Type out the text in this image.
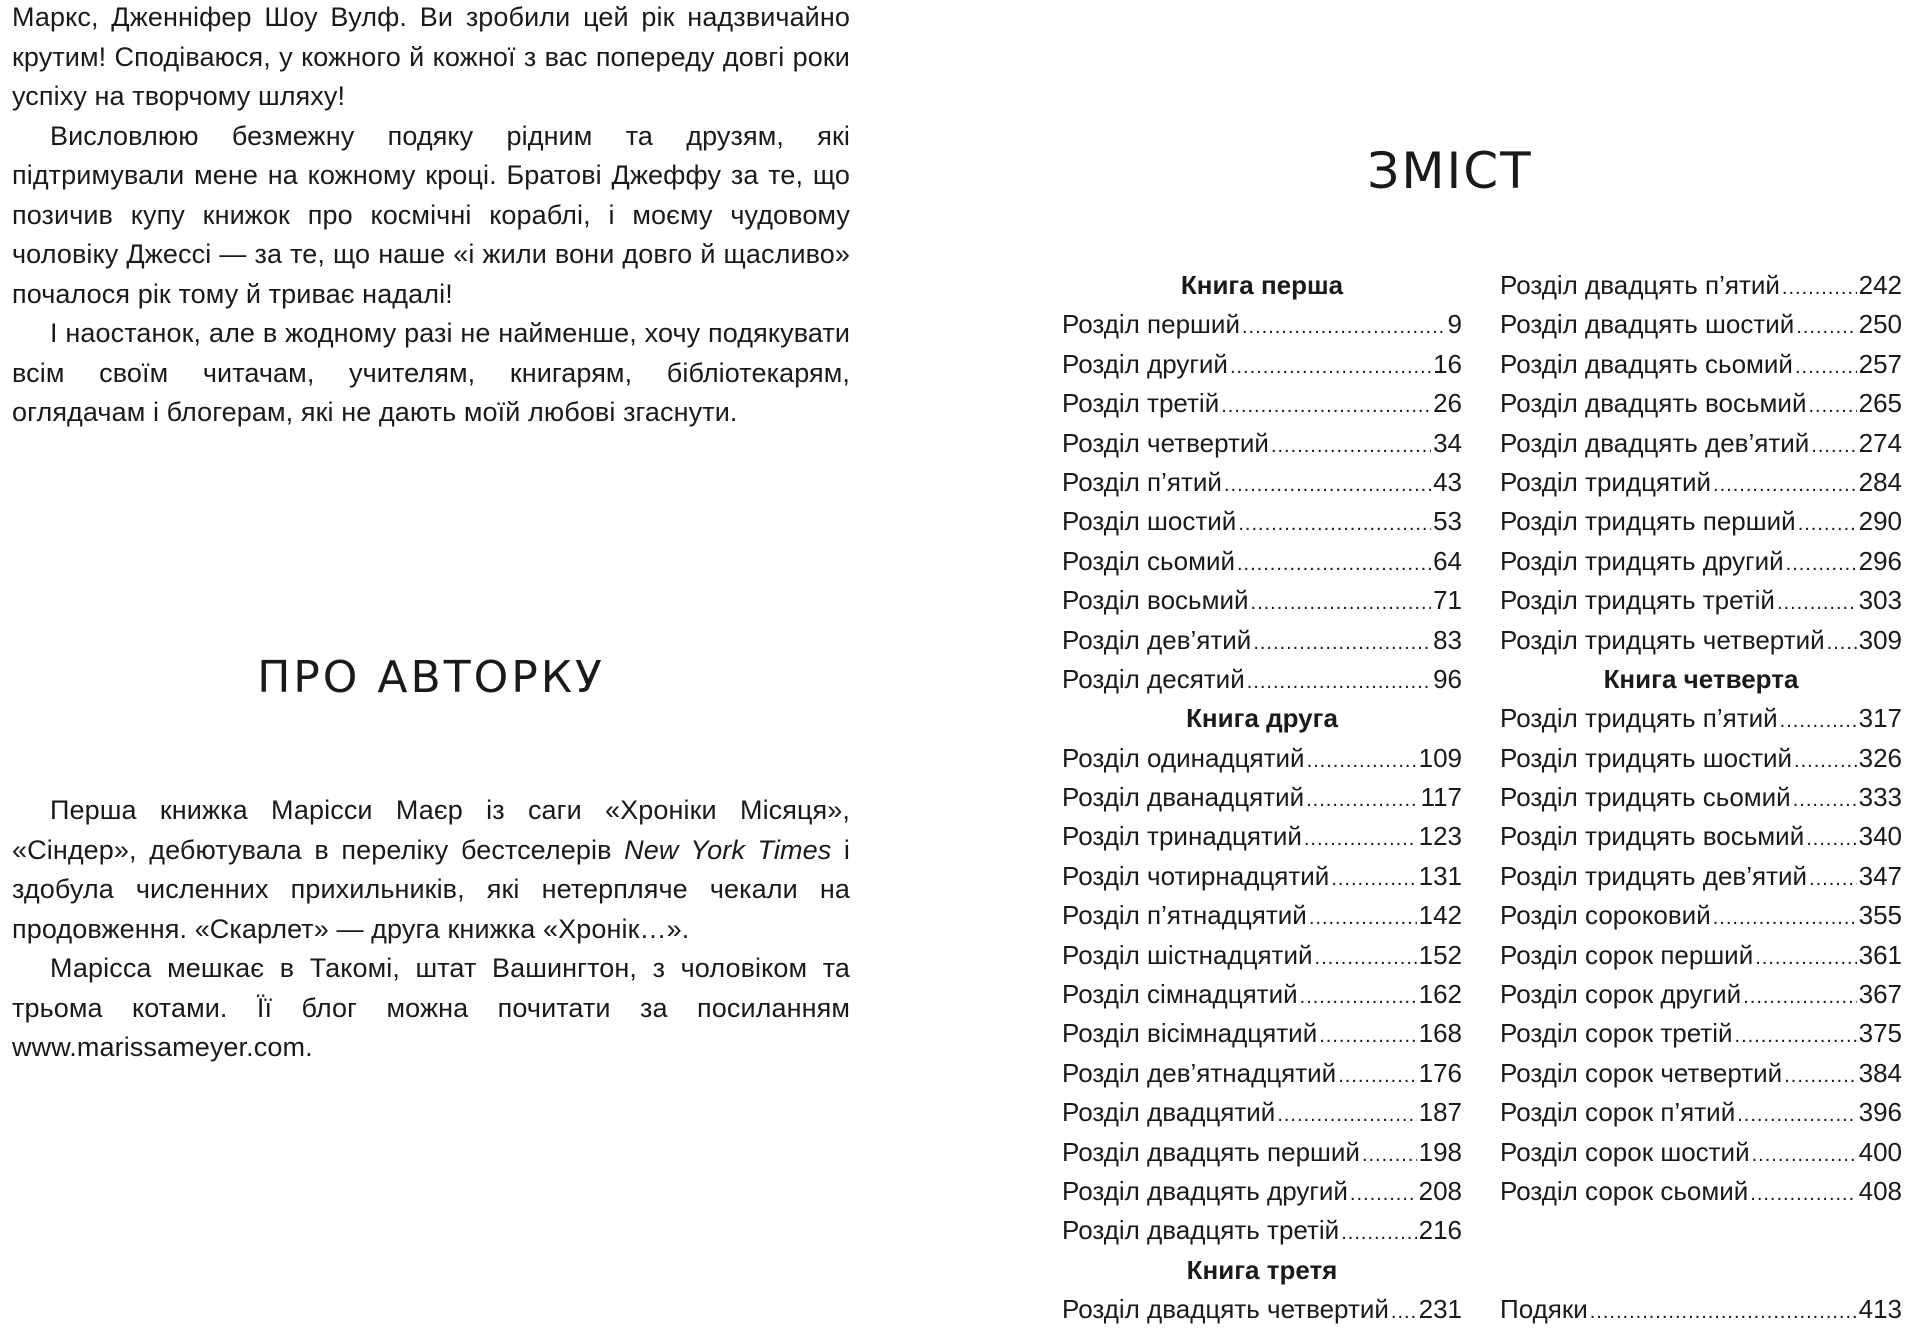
Маркс, Дженніфер Шоу Вулф. Ви зробили цей рік надзвичайно крутим! Сподіваюся, у кожного й кожної з вас попереду довгі роки успіху на творчому шляху!

Висловлюю безмежну подяку рідним та друзям, які підтримували мене на кожному кроці. Братові Джеффу за те, що позичив купу книжок про космічні кораблі, і моєму чудовому чоловіку Джессі — за те, що наше «і жили вони довго й щасливо» почалося рік тому й триває надалі!

І наостанок, але в жодному разі не найменше, хочу подякувати всім своїм читачам, учителям, книгарям, бібліотекарям, оглядачам і блогерам, які не дають моїй любові згаснути.

ПРО АВТОРКУ

Перша книжка Марісси Маєр із саги «Хроніки Місяця», «Сіндер», дебютувала в переліку бестселерів New York Times і здобула численних прихильників, які нетерпляче чекали на продовження. «Скарлет» — друга книжка «Хронік…».

Марісса мешкає в Такомі, штат Вашингтон, з чоловіком та трьома котами. Її блог можна почитати за посиланням www.marissameyer.com.

ЗМІСТ
Книга перша
Розділ перший .....	9
Розділ другий .....	16
Розділ третій .....	26
Розділ четвертий .....	34
Розділ п’ятий .....	43
Розділ шостий .....	53
Розділ сьомий .....	64
Розділ восьмий .....	71
Розділ дев’ятий .....	83
Розділ десятий .....	96
Книга друга
Розділ одинадцятий .....	109
Розділ дванадцятий .....	117
Розділ тринадцятий .....	123
Розділ чотирнадцятий .....	131
Розділ п’ятнадцятий .....	142
Розділ шістнадцятий .....	152
Розділ сімнадцятий .....	162
Розділ вісімнадцятий .....	168
Розділ дев’ятнадцятий .....	176
Розділ двадцятий .....	187
Розділ двадцять перший ..... 198
Розділ двадцять другий .....	208
Розділ двадцять третій .....	216
Книга третя
Розділ двадцять четвертий ..... 231
Розділ двадцять п’ятий .....	242
Розділ двадцять шостий ..... 250
Розділ двадцять сьомий .....	257
Розділ двадцять восьмий ..... 265
Розділ двадцять дев’ятий ..... 274
Розділ тридцятий .....	284
Розділ тридцять перший ..... 290
Розділ тридцять другий .....	296
Розділ тридцять третій .....	303
Розділ тридцять четвертий ..... 309
Книга четверта
Розділ тридцять п’ятий .....	317
Розділ тридцять шостий .....	326
Розділ тридцять сьомий .....	333
Розділ тридцять восьмий ..... 340
Розділ тридцять дев’ятий ..... 347
Розділ сороковий .....	355
Розділ сорок перший .....	361
Розділ сорок другий .....	367
Розділ сорок третій .....	375
Розділ сорок четвертий .....	384
Розділ сорок п’ятий .....	396
Розділ сорок шостий .....	400
Розділ сорок сьомий .....	408
Подяки .....	413
